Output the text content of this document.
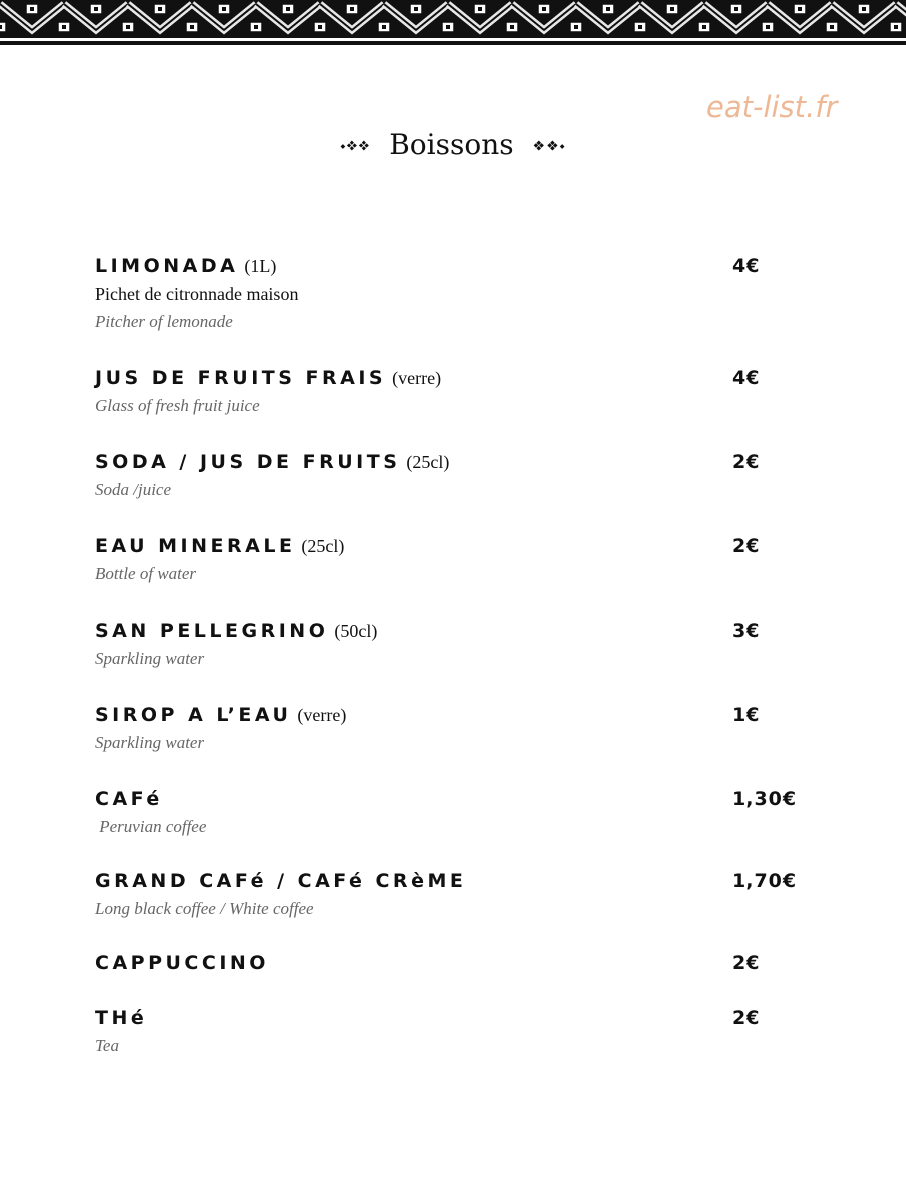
eat-list.fr
⬩❖❖ Boissons ❖❖⬩
LIMONADA (1L)	4€
Pichet de citronnade maison
Pitcher of lemonade
JUS DE FRUITS FRAIS (verre)	4€
Glass of fresh fruit juice
SODA / JUS DE FRUITS (25cl)	2€
Soda /juice
EAU MINERALE (25cl)	2€
Bottle of water
SAN PELLEGRINO (50cl)	3€
Sparkling water
SIROP A L’EAU (verre)	1€
Sparkling water
CAFé	1,30€
Peruvian coffee
GRAND CAFé / CAFé CRèME	1,70€
Long black coffee / White coffee
CAPPUCCINO	2€
THé	2€
Tea
